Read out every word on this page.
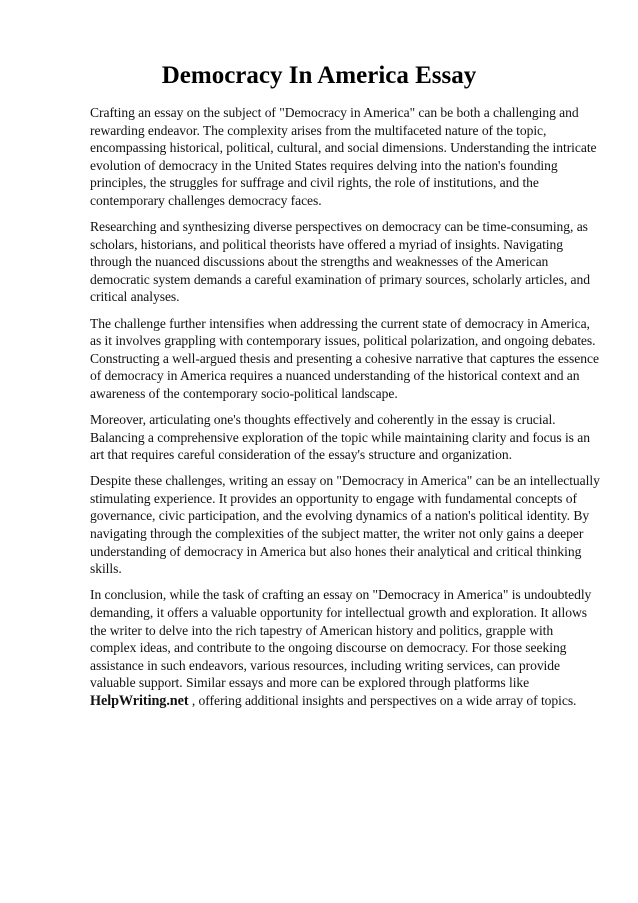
Democracy In America Essay

Crafting an essay on the subject of "Democracy in America" can be both a challenging and rewarding endeavor. The complexity arises from the multifaceted nature of the topic, encompassing historical, political, cultural, and social dimensions. Understanding the intricate evolution of democracy in the United States requires delving into the nation's founding principles, the struggles for suffrage and civil rights, the role of institutions, and the contemporary challenges democracy faces.

Researching and synthesizing diverse perspectives on democracy can be time-consuming, as scholars, historians, and political theorists have offered a myriad of insights. Navigating through the nuanced discussions about the strengths and weaknesses of the American democratic system demands a careful examination of primary sources, scholarly articles, and critical analyses.

The challenge further intensifies when addressing the current state of democracy in America, as it involves grappling with contemporary issues, political polarization, and ongoing debates. Constructing a well-argued thesis and presenting a cohesive narrative that captures the essence of democracy in America requires a nuanced understanding of the historical context and an awareness of the contemporary socio-political landscape.

Moreover, articulating one's thoughts effectively and coherently in the essay is crucial. Balancing a comprehensive exploration of the topic while maintaining clarity and focus is an art that requires careful consideration of the essay's structure and organization.

Despite these challenges, writing an essay on "Democracy in America" can be an intellectually stimulating experience. It provides an opportunity to engage with fundamental concepts of governance, civic participation, and the evolving dynamics of a nation's political identity. By navigating through the complexities of the subject matter, the writer not only gains a deeper understanding of democracy in America but also hones their analytical and critical thinking skills.

In conclusion, while the task of crafting an essay on "Democracy in America" is undoubtedly demanding, it offers a valuable opportunity for intellectual growth and exploration. It allows the writer to delve into the rich tapestry of American history and politics, grapple with complex ideas, and contribute to the ongoing discourse on democracy. For those seeking assistance in such endeavors, various resources, including writing services, can provide valuable support. Similar essays and more can be explored through platforms like HelpWriting.net , offering additional insights and perspectives on a wide array of topics.
